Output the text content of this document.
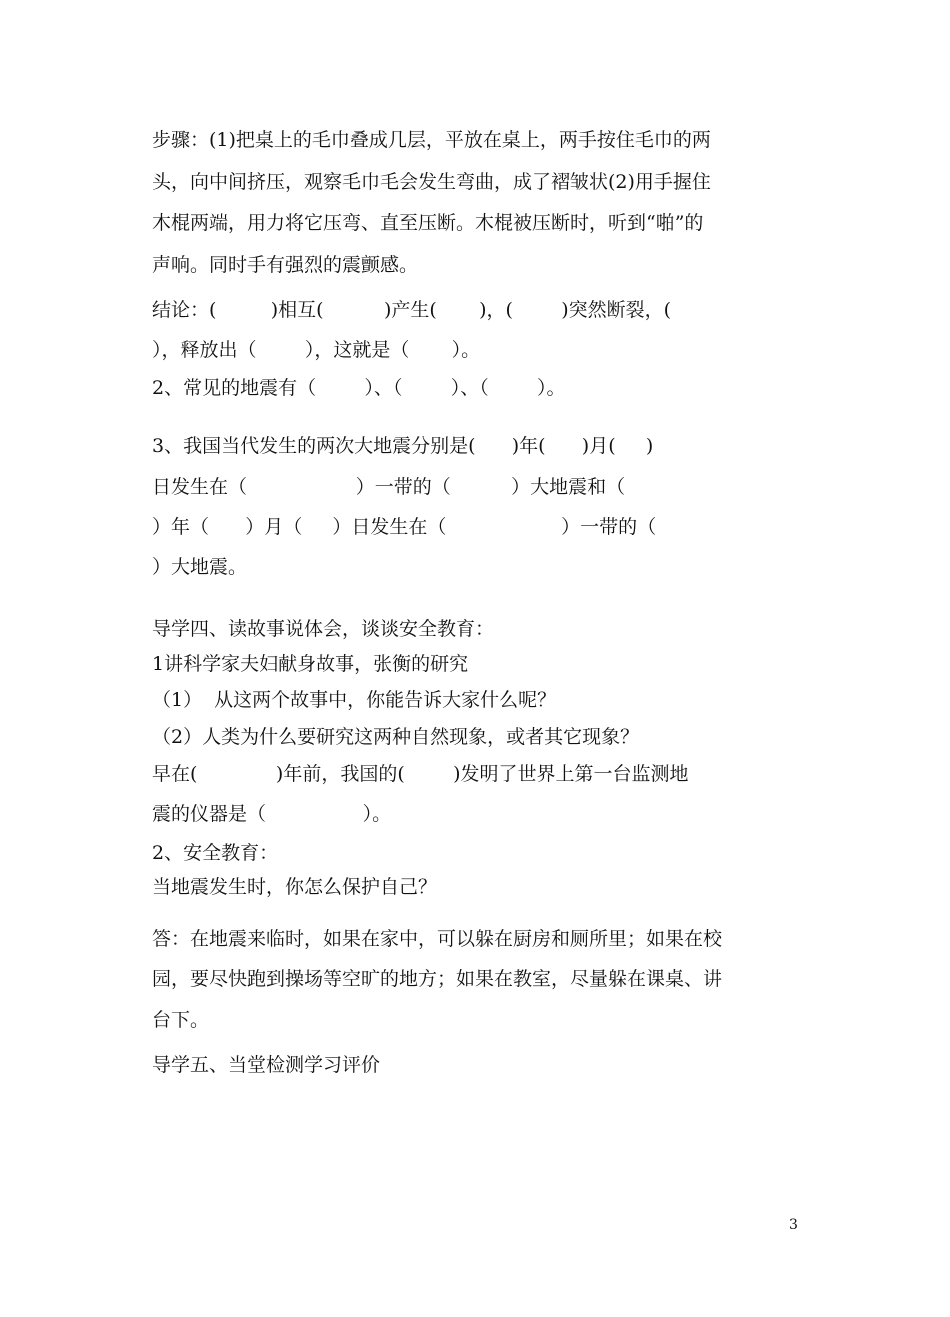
步骤：(1)把桌上的毛巾叠成几层，平放在桌上，两手按住毛巾的两

头，向中间挤压，观察毛巾毛会发生弯曲，成了褶皱状(2)用手握住

木棍两端，用力将它压弯、直至压断。木棍被压断时，听到“啪”的

声响。同时手有强烈的震颤感。

结论：(         )相互(          )产生(       )，(        )突然断裂，(

），释放出（        ），这就是（       ）。

2、常见的地震有（        ）、（        ）、（        ）。

3、我国当代发生的两次大地震分别是(      )年(      )月(     )

日发生在（                  ）一带的（          ）大地震和（

）年（      ）月（     ）日发生在（                   ）一带的（

）大地震。

导学四、读故事说体会，谈谈安全教育：

1讲科学家夫妇献身故事，张衡的研究

（1）  从这两个故事中，你能告诉大家什么呢？

（2）人类为什么要研究这两种自然现象，或者其它现象？

早在(             )年前，我国的(        )发明了世界上第一台监测地

震的仪器是（                ）。

2、安全教育：

当地震发生时，你怎么保护自己？

答：在地震来临时，如果在家中，可以躲在厨房和厕所里；如果在校

园，要尽快跑到操场等空旷的地方；如果在教室，尽量躲在课桌、讲

台下。

导学五、当堂检测学习评价

3
